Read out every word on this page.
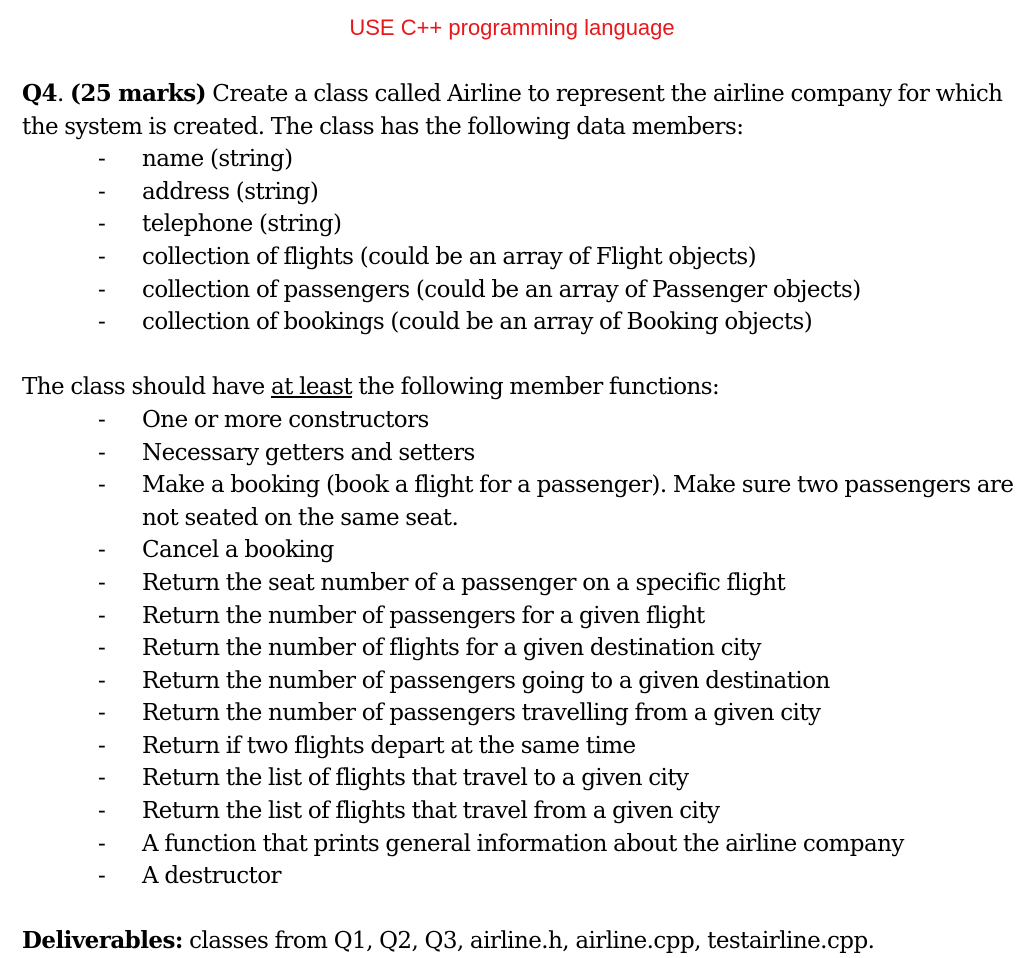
USE C++ programming language

Q4. (25 marks) Create a class called Airline to represent the airline company for which the system is created. The class has the following data members:

- name (string)
- address (string)
- telephone (string)
- collection of flights (could be an array of Flight objects)
- collection of passengers (could be an array of Passenger objects)
- collection of bookings (could be an array of Booking objects)

The class should have at least the following member functions:

- One or more constructors
- Necessary getters and setters
- Make a booking (book a flight for a passenger). Make sure two passengers are not seated on the same seat.
- Cancel a booking
- Return the seat number of a passenger on a specific flight
- Return the number of passengers for a given flight
- Return the number of flights for a given destination city
- Return the number of passengers going to a given destination
- Return the number of passengers travelling from a given city
- Return if two flights depart at the same time
- Return the list of flights that travel to a given city
- Return the list of flights that travel from a given city
- A function that prints general information about the airline company
- A destructor

Deliverables: classes from Q1, Q2, Q3, airline.h, airline.cpp, testairline.cpp.
